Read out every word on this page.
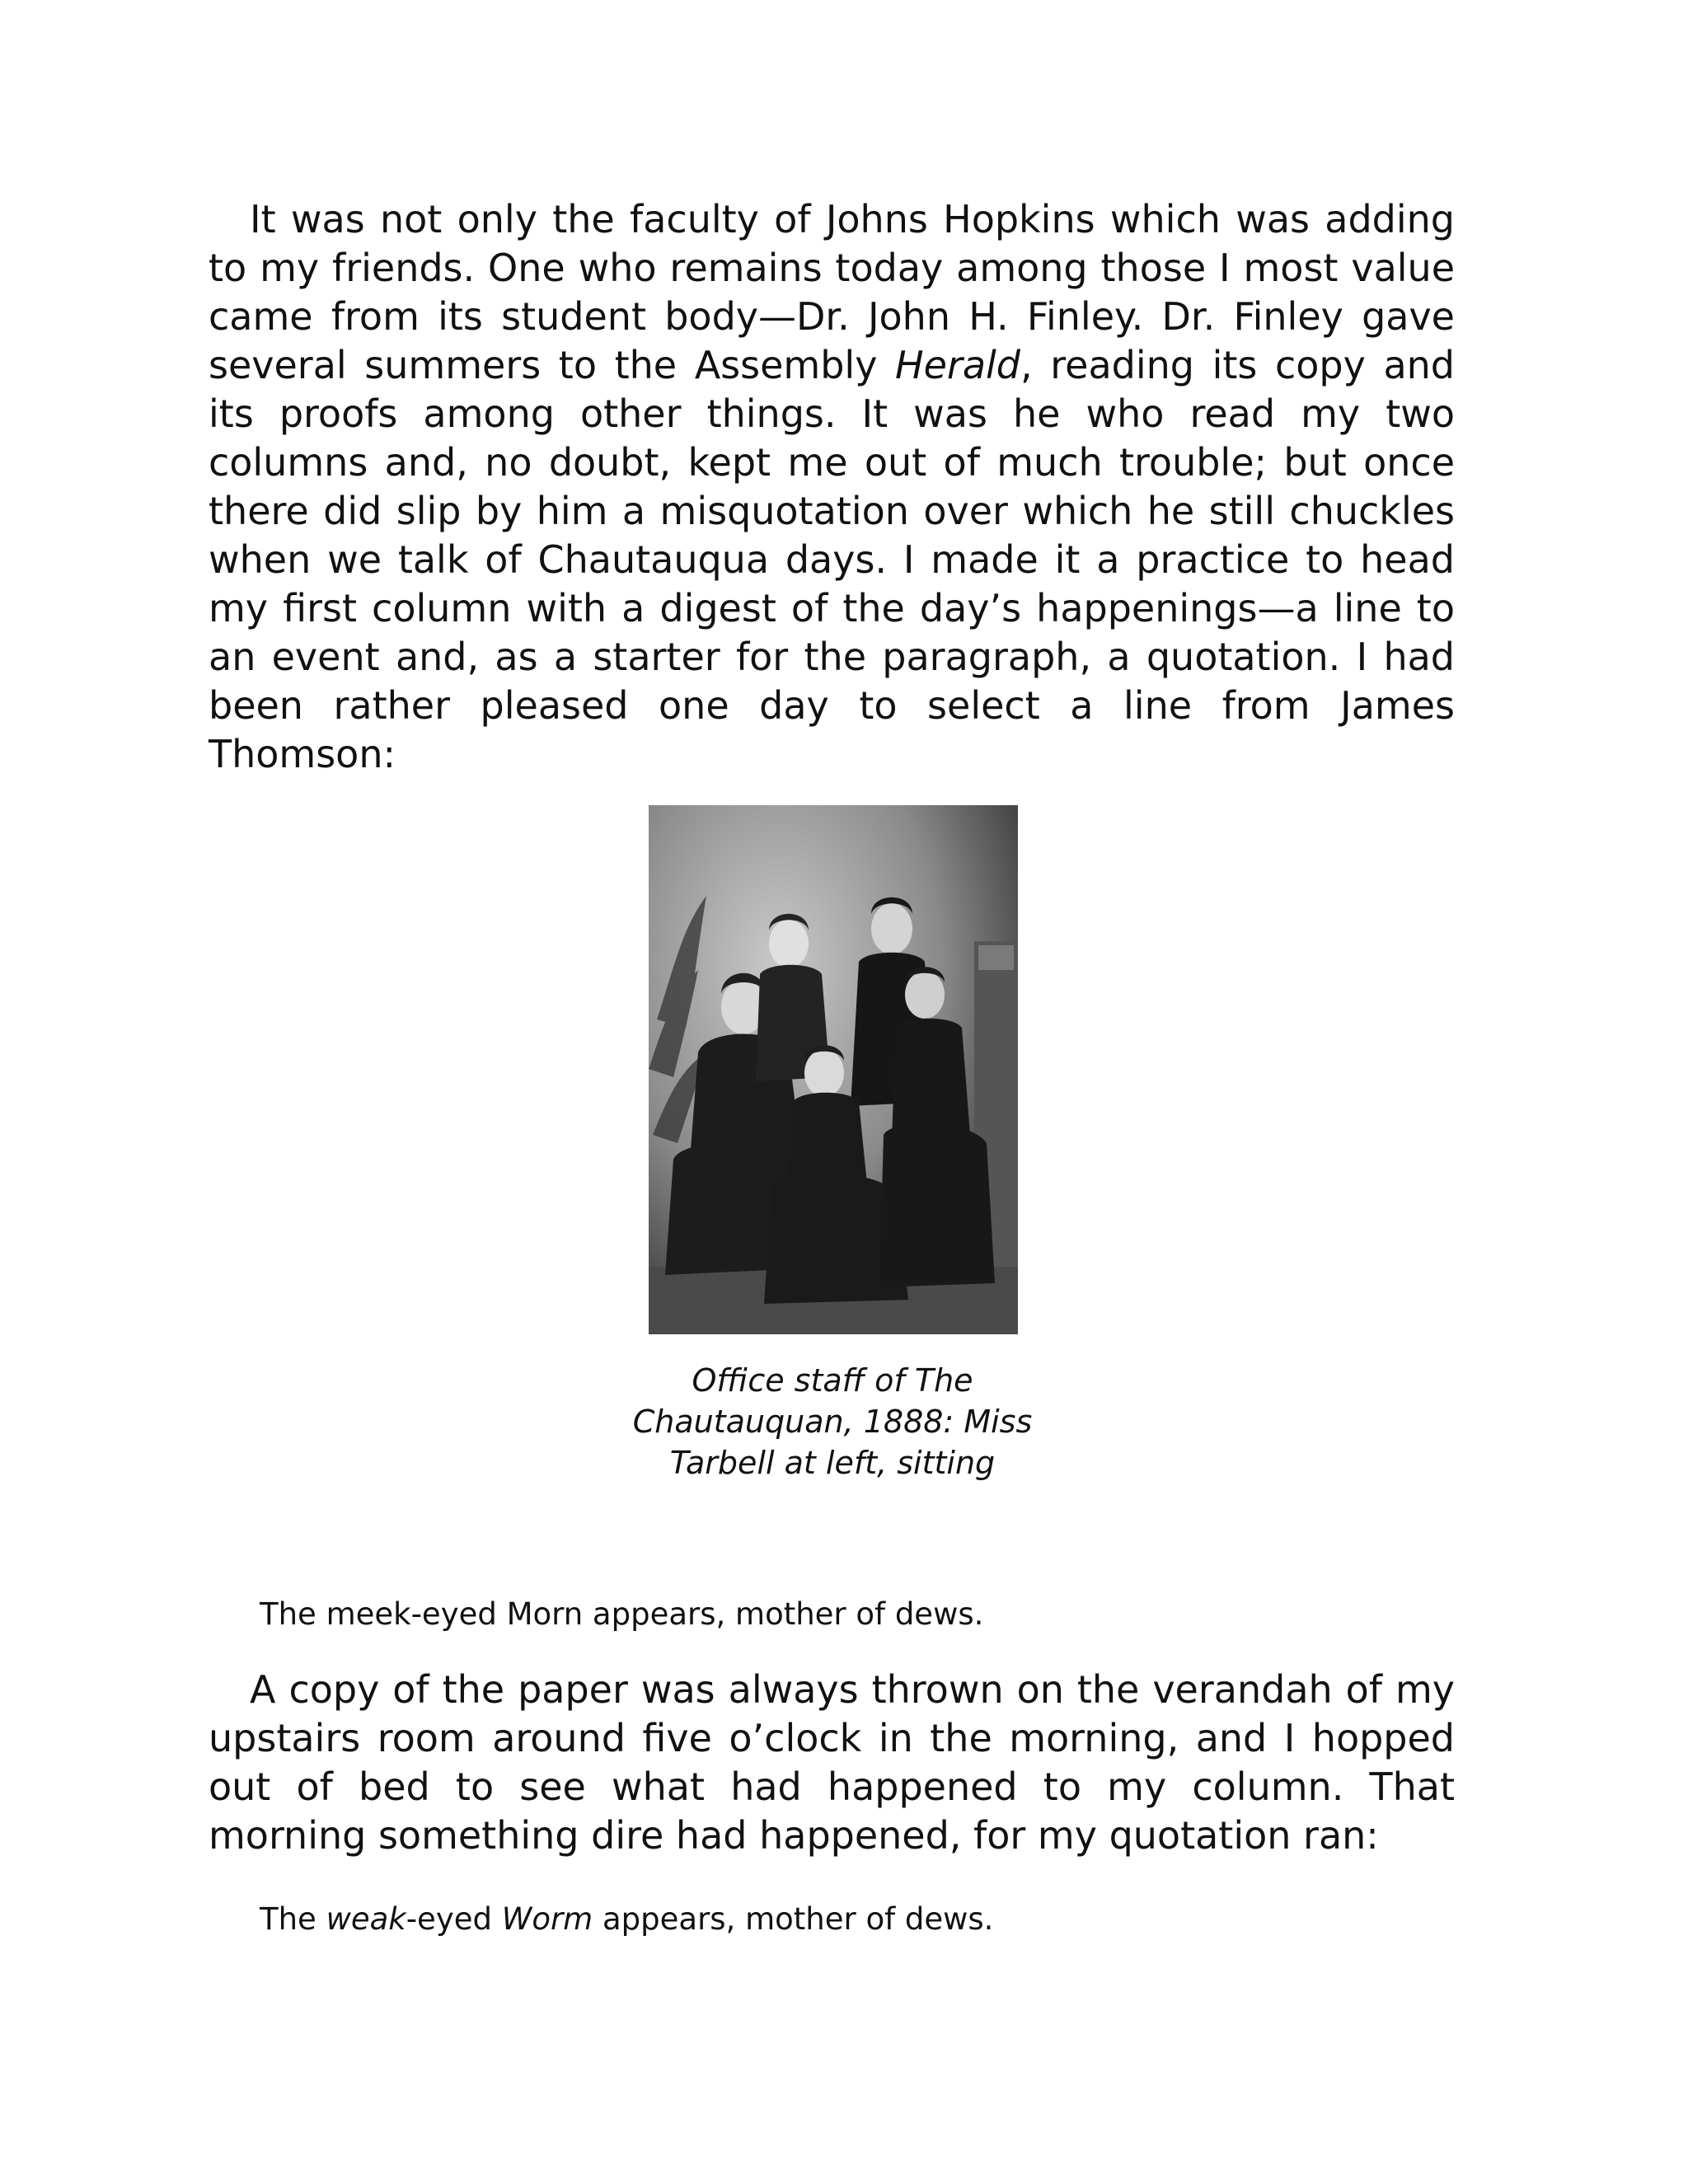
It was not only the faculty of Johns Hopkins which was adding to my friends. One who remains today among those I most value came from its student body—Dr. John H. Finley. Dr. Finley gave several summers to the Assembly Herald, reading its copy and its proofs among other things. It was he who read my two columns and, no doubt, kept me out of much trouble; but once there did slip by him a misquotation over which he still chuckles when we talk of Chautauqua days. I made it a practice to head my first column with a digest of the day’s happenings—a line to an event and, as a starter for the paragraph, a quotation. I had been rather pleased one day to select a line from James Thomson:

Office staff of The Chautauquan, 1888: Miss Tarbell at left, sitting

The meek-eyed Morn appears, mother of dews.

A copy of the paper was always thrown on the verandah of my upstairs room around five o’clock in the morning, and I hopped out of bed to see what had happened to my column. That morning something dire had happened, for my quotation ran:

The weak-eyed Worm appears, mother of dews.
